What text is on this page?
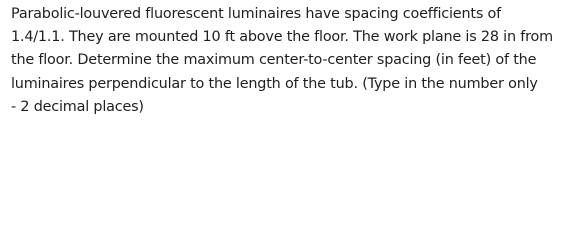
Parabolic-louvered fluorescent luminaires have spacing coefficients of
1.4/1.1. They are mounted 10 ft above the floor. The work plane is 28 in from
the floor. Determine the maximum center-to-center spacing (in feet) of the
luminaires perpendicular to the length of the tub. (Type in the number only
- 2 decimal places)
